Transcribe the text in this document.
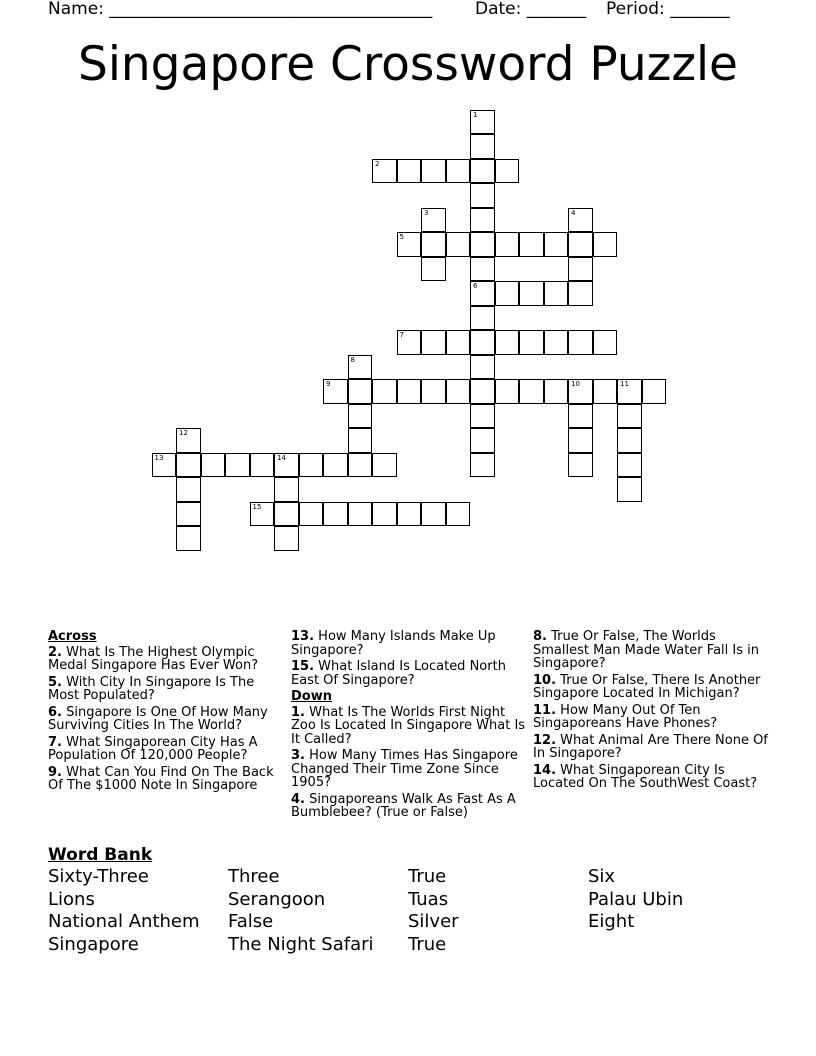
Name: ______________________________________	Date: _______ Period: _______
Singapore Crossword Puzzle
1
6
2
3	4
5
7
8
9	10	11
12
13	14
15
Across
2. What Is The Highest Olympic Medal Singapore Has Ever Won?
5. With City In Singapore Is The Most Populated?
6. Singapore Is One Of How Many Surviving Cities In The World?
7. What Singaporean City Has A Population Of 120,000 People?
9. What Can You Find On The Back Of The $1000 Note In Singapore
13. How Many Islands Make Up Singapore?
15. What Island Is Located North East Of Singapore?
Down
1. What Is The Worlds First Night Zoo Is Located In Singapore What Is It Called?
3. How Many Times Has Singapore Changed Their Time Zone Since 1905?
4. Singaporeans Walk As Fast As A Bumblebee? (True or False)
8. True Or False, The Worlds Smallest Man Made Water Fall Is in Singapore?
10. True Or False, There Is Another Singapore Located In Michigan?
11. How Many Out Of Ten Singaporeans Have Phones?
12. What Animal Are There None Of In Singapore?
14. What Singaporean City Is Located On The SouthWest Coast?
Word Bank
Sixty-Three	Three	True	Six
Lions	Serangoon	Tuas	Palau Ubin
National Anthem	False	Silver	Eight
Singapore	The Night Safari	True
